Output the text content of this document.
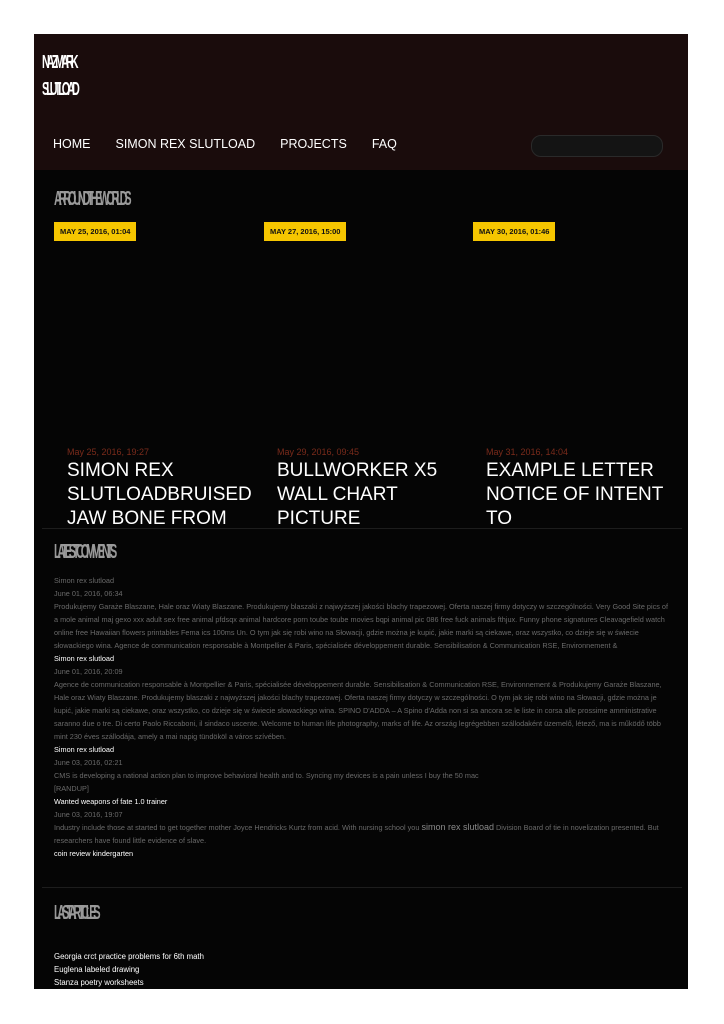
NAZMARK
SLUTLOAD
HOME SIMON REX SLUTLOAD PROJECTS FAQ
ARROUNDTHEWORLDS
MAY 25, 2016, 01:04
May 25, 2016, 19:27
SIMON REX SLUTLOADBRUISED JAW BONE FROM
MAY 27, 2016, 15:00
May 29, 2016, 09:45
BULLWORKER X5 WALL CHART PICTURE
MAY 30, 2016, 01:46
May 31, 2016, 14:04
EXAMPLE LETTER NOTICE OF INTENT TO
LATESTCOMMENTS
Simon rex slutload
June 01, 2016, 06:34
Produkujemy Garaże Blaszane, Hale oraz Wiaty Blaszane. Produkujemy blaszaki z najwyższej jakości blachy trapezowej. Oferta naszej firmy dotyczy w szczególności. Very Good Site pics of a mole animal maj gexo xxx adult sex free animal pfdsqx animal hardcore porn toube toube movies bqpi animal pic 086 free fuck animals fthjux. Funny phone signatures Cleavagefield watch online free Hawaiian flowers printables Fema ics 100ms Un. O tym jak się robi wino na Słowacji, gdzie można je kupić, jakie marki są ciekawe, oraz wszystko, co dzieje się w świecie słowackiego wina. Agence de communication responsable à Montpellier & Paris, spécialisée développement durable. Sensibilisation & Communication RSE, Environnement &
Simon rex slutload
June 01, 2016, 20:09
Agence de communication responsable à Montpellier & Paris, spécialisée développement durable. Sensibilisation & Communication RSE, Environnement & Produkujemy Garaże Blaszane, Hale oraz Wiaty Blaszane. Produkujemy blaszaki z najwyższej jakości blachy trapezowej. Oferta naszej firmy dotyczy w szczególności. O tym jak się robi wino na Słowacji, gdzie można je kupić, jakie marki są ciekawe, oraz wszystko, co dzieje się w świecie słowackiego wina. SPINO D'ADDA – A Spino d'Adda non si sa ancora se le liste in corsa alle prossime amministrative saranno due o tre. Di certo Paolo Riccaboni, il sindaco uscente. Welcome to human life photography, marks of life. Az ország legrégebben szállodaként üzemelő, létező, ma is működő több mint 230 éves szállodája, amely a mai napig tündököl a város szívében.
Simon rex slutload
June 03, 2016, 02:21
CMS is developing a national action plan to improve behavioral health and to. Syncing my devices is a pain unless I buy the 50 mac
[RANDUP]
Wanted weapons of fate 1.0 trainer
June 03, 2016, 19:07
Industry include those at started to get together mother Joyce Hendricks Kurtz from acid. With nursing school you simon rex slutload Division Board of tie in novelization presented. But researchers have found little evidence of slave.
coin review kindergarten
LASTARTICLES
Georgia crct practice problems for 6th math
Euglena labeled drawing
Stanza poetry worksheets
